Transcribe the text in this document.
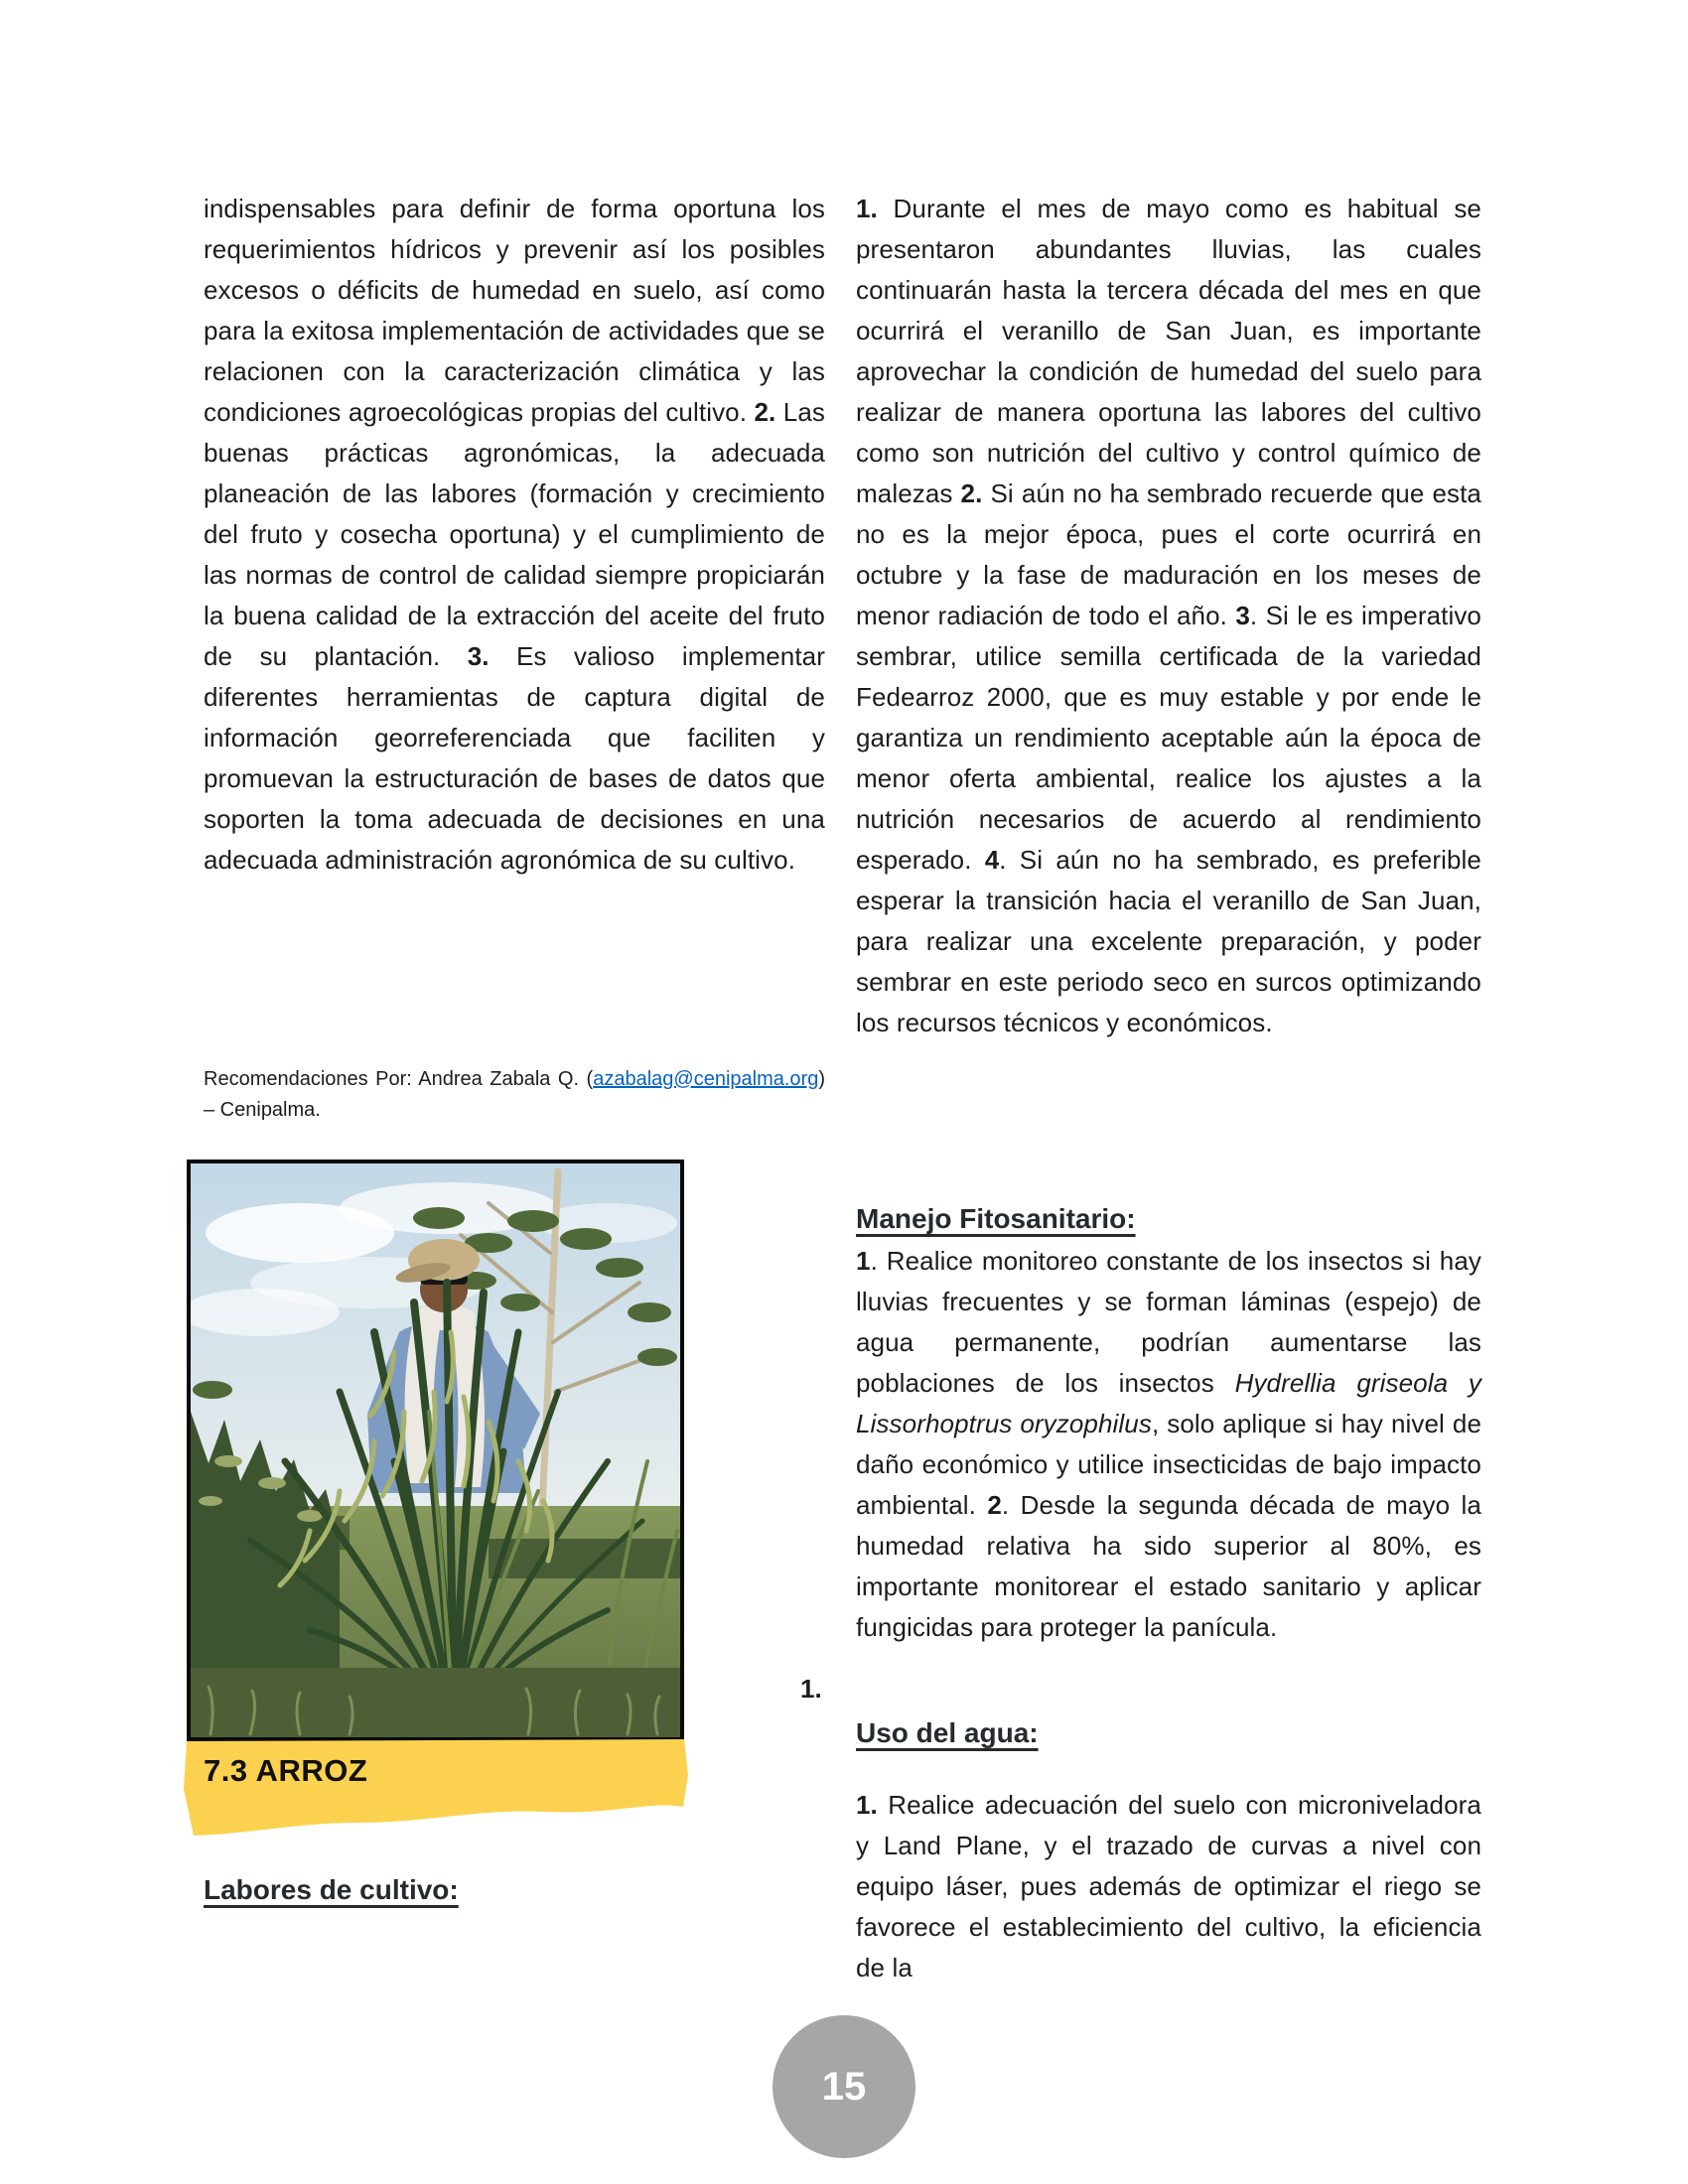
indispensables para definir de forma oportuna los requerimientos hídricos y prevenir así los posibles excesos o déficits de humedad en suelo, así como para la exitosa implementación de actividades que se relacionen con la caracterización climática y las condiciones agroecológicas propias del cultivo. 2. Las buenas prácticas agronómicas, la adecuada planeación de las labores (formación y crecimiento del fruto y cosecha oportuna) y el cumplimiento de las normas de control de calidad siempre propiciarán la buena calidad de la extracción del aceite del fruto de su plantación. 3. Es valioso implementar diferentes herramientas de captura digital de información georreferenciada que faciliten y promuevan la estructuración de bases de datos que soporten la toma adecuada de decisiones en una adecuada administración agronómica de su cultivo.
Recomendaciones Por: Andrea Zabala Q. (azabalag@cenipalma.org) – Cenipalma.
7.3 ARROZ
Labores de cultivo:
1. Durante el mes de mayo como es habitual se presentaron abundantes lluvias, las cuales continuarán hasta la tercera década del mes en que ocurrirá el veranillo de San Juan, es importante aprovechar la condición de humedad del suelo para realizar de manera oportuna las labores del cultivo como son nutrición del cultivo y control químico de malezas 2. Si aún no ha sembrado recuerde que esta no es la mejor época, pues el corte ocurrirá en octubre y la fase de maduración en los meses de menor radiación de todo el año. 3. Si le es imperativo sembrar, utilice semilla certificada de la variedad Fedearroz 2000, que es muy estable y por ende le garantiza un rendimiento aceptable aún la época de menor oferta ambiental, realice los ajustes a la nutrición necesarios de acuerdo al rendimiento esperado. 4. Si aún no ha sembrado, es preferible esperar la transición hacia el veranillo de San Juan, para realizar una excelente preparación, y poder sembrar en este periodo seco en surcos optimizando los recursos técnicos y económicos.
Manejo Fitosanitario:
1. Realice monitoreo constante de los insectos si hay lluvias frecuentes y se forman láminas (espejo) de agua permanente, podrían aumentarse las poblaciones de los insectos Hydrellia griseola y Lissorhoptrus oryzophilus, solo aplique si hay nivel de daño económico y utilice insecticidas de bajo impacto ambiental. 2. Desde la segunda década de mayo la humedad relativa ha sido superior al 80%, es importante monitorear el estado sanitario y aplicar fungicidas para proteger la panícula.
1.
Uso del agua:
1. Realice adecuación del suelo con microniveladora y Land Plane, y el trazado de curvas a nivel con equipo láser, pues además de optimizar el riego se favorece el establecimiento del cultivo, la eficiencia de la
15
